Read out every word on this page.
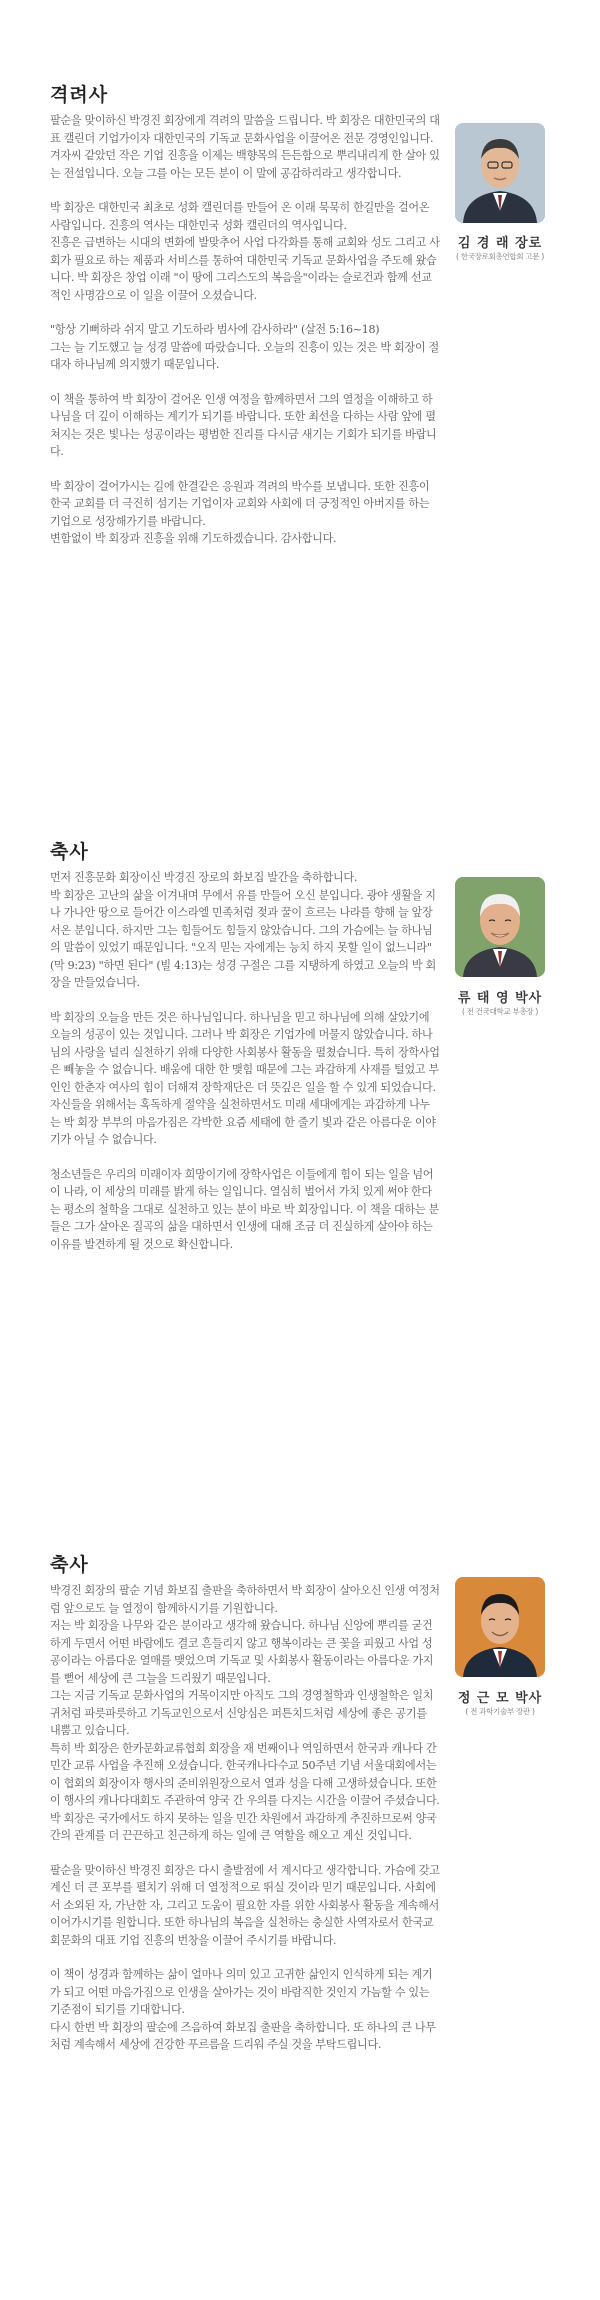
격려사

팔순을 맞이하신 박경진 회장에게 격려의 말씀을 드립니다. 박 회장은 대한민국의 대표 캘린더 기업가이자 대한민국의 기독교 문화사업을 이끌어온 전문 경영인입니다. 겨자씨 같았던 작은 기업 진흥을 이제는 백향목의 든든함으로 뿌리내리게 한 살아 있는 전설입니다. 오늘 그를 아는 모든 분이 이 말에 공감하리라고 생각합니다.

박 회장은 대한민국 최초로 성화 캘린더를 만들어 온 이래 묵묵히 한길만을 걸어온 사람입니다. 진흥의 역사는 대한민국 성화 캘린더의 역사입니다.
진흥은 급변하는 시대의 변화에 발맞추어 사업 다각화를 통해 교회와 성도 그리고 사회가 필요로 하는 제품과 서비스를 통하여 대한민국 기독교 문화사업을 주도해 왔습니다. 박 회장은 창업 이래 "이 땅에 그리스도의 복음을"이라는 슬로건과 함께 선교적인 사명감으로 이 일을 이끌어 오셨습니다.

"항상 기뻐하라 쉬지 말고 기도하라 범사에 감사하라" (살전 5:16~18)
그는 늘 기도했고 늘 성경 말씀에 따랐습니다. 오늘의 진흥이 있는 것은 박 회장이 절대자 하나님께 의지했기 때문입니다.

이 책을 통하여 박 회장이 걸어온 인생 여정을 함께하면서 그의 열정을 이해하고 하나님을 더 깊이 이해하는 계기가 되기를 바랍니다. 또한 최선을 다하는 사람 앞에 펼쳐지는 것은 빛나는 성공이라는 평범한 진리를 다시금 새기는 기회가 되기를 바랍니다.

박 회장이 걸어가시는 길에 한결같은 응원과 격려의 박수를 보냅니다. 또한 진흥이 한국 교회를 더 극진히 섬기는 기업이자 교회와 사회에 더 긍정적인 아버지를 하는 기업으로 성장해가기를 바랍니다.
변함없이 박 회장과 진흥을 위해 기도하겠습니다. 감사합니다.

김 경 래 장로
( 한국장로회총연합회 고문 )
축사

먼저 진흥문화 회장이신 박경진 장로의 화보집 발간을 축하합니다.
박 회장은 고난의 삶을 이겨내며 무에서 유를 만들어 오신 분입니다. 광야 생활을 지나 가나안 땅으로 들어간 이스라엘 민족처럼 젖과 꿀이 흐르는 나라를 향해 늘 앞장서온 분입니다. 하지만 그는 힘들어도 힘들지 않았습니다. 그의 가슴에는 늘 하나님의 말씀이 있었기 때문입니다. "오직 믿는 자에게는 능치 하지 못할 일이 없느니라" (막 9:23) "하면 된다" (빌 4:13)는 성경 구절은 그를 지탱하게 하였고 오늘의 박 회장을 만들었습니다.

박 회장의 오늘을 만든 것은 하나님입니다. 하나님을 믿고 하나님에 의해 살았기에 오늘의 성공이 있는 것입니다. 그러나 박 회장은 기업가에 머물지 않았습니다. 하나님의 사랑을 널리 실천하기 위해 다양한 사회봉사 활동을 펼쳤습니다. 특히 장학사업은 빼놓을 수 없습니다. 배움에 대한 한 맺힘 때문에 그는 과감하게 사재를 털었고 부인인 한춘자 여사의 힘이 더해져 장학재단은 더 뜻깊은 일을 할 수 있게 되었습니다. 자신들을 위해서는 혹독하게 절약을 실천하면서도 미래 세대에게는 과감하게 나누는 박 회장 부부의 마음가짐은 각박한 요즘 세태에 한 줄기 빛과 같은 아름다운 이야기가 아닐 수 없습니다.

청소년들은 우리의 미래이자 희망이기에 장학사업은 이들에게 힘이 되는 일을 넘어 이 나라, 이 세상의 미래를 밝게 하는 일입니다. 열심히 벌어서 가치 있게 써야 한다는 평소의 철학을 그대로 실천하고 있는 분이 바로 박 회장입니다. 이 책을 대하는 분들은 그가 살아온 질곡의 삶을 대하면서 인생에 대해 조금 더 진실하게 살아야 하는 이유를 발견하게 될 것으로 확신합니다.

류 태 영 박사
( 전 건국대학교 부총장 )
축사

박경진 회장의 팔순 기념 화보집 출판을 축하하면서 박 회장이 살아오신 인생 여정처럼 앞으로도 늘 열정이 함께하시기를 기원합니다.
저는 박 회장을 나무와 같은 분이라고 생각해 왔습니다. 하나님 신앙에 뿌리를 굳건하게 두면서 어떤 바람에도 결코 흔들리지 않고 행복이라는 큰 꽃을 피웠고 사업 성공이라는 아름다운 열매를 맺었으며 기독교 및 사회봉사 활동이라는 아름다운 가지를 뻗어 세상에 큰 그늘을 드리웠기 때문입니다.
그는 지금 기독교 문화사업의 거목이지만 아직도 그의 경영철학과 인생철학은 일치귀처럼 파릇파릇하고 기독교인으로서 신앙심은 퍼튼치드처럼 세상에 좋은 공기를 내뿜고 있습니다.
특히 박 회장은 한카문화교류협회 회장을 재 번째이나 역임하면서 한국과 캐나다 간 민간 교류 사업을 추진해 오셨습니다. 한국캐나다수교 50주년 기념 서울대회에서는 이 협회의 회장이자 행사의 준비위원장으로서 열과 성을 다해 고생하셨습니다. 또한 이 행사의 캐나다대회도 주관하여 양국 간 우의를 다지는 시간을 이끌어 주셨습니다. 박 회장은 국가에서도 하지 못하는 일을 민간 차원에서 과감하게 추진하므로써 양국 간의 관계를 더 끈끈하고 친근하게 하는 일에 큰 역할을 해오고 계신 것입니다.

팔순을 맞이하신 박경진 회장은 다시 출발점에 서 계시다고 생각합니다. 가슴에 갖고 계신 더 큰 포부를 펼치기 위해 더 열정적으로 뛰실 것이라 믿기 때문입니다. 사회에서 소외된 자, 가난한 자, 그리고 도움이 필요한 자를 위한 사회봉사 활동을 계속해서 이어가시기를 원합니다. 또한 하나님의 복음을 실천하는 충실한 사역자로서 한국교회문화의 대표 기업 진흥의 번창을 이끌어 주시기를 바랍니다.

이 책이 성경과 함께하는 삶이 얼마나 의미 있고 고귀한 삶인지 인식하게 되는 계기가 되고 어떤 마음가짐으로 인생을 살아가는 것이 바람직한 것인지 가늠할 수 있는 기준점이 되기를 기대합니다.
다시 한번 박 회장의 팔순에 즈음하여 화보집 출판을 축하합니다. 또 하나의 큰 나무처럼 계속해서 세상에 건강한 푸르름을 드리워 주실 것을 부탁드립니다.

정 근 모 박사
( 전 과학기술부 장관 )
